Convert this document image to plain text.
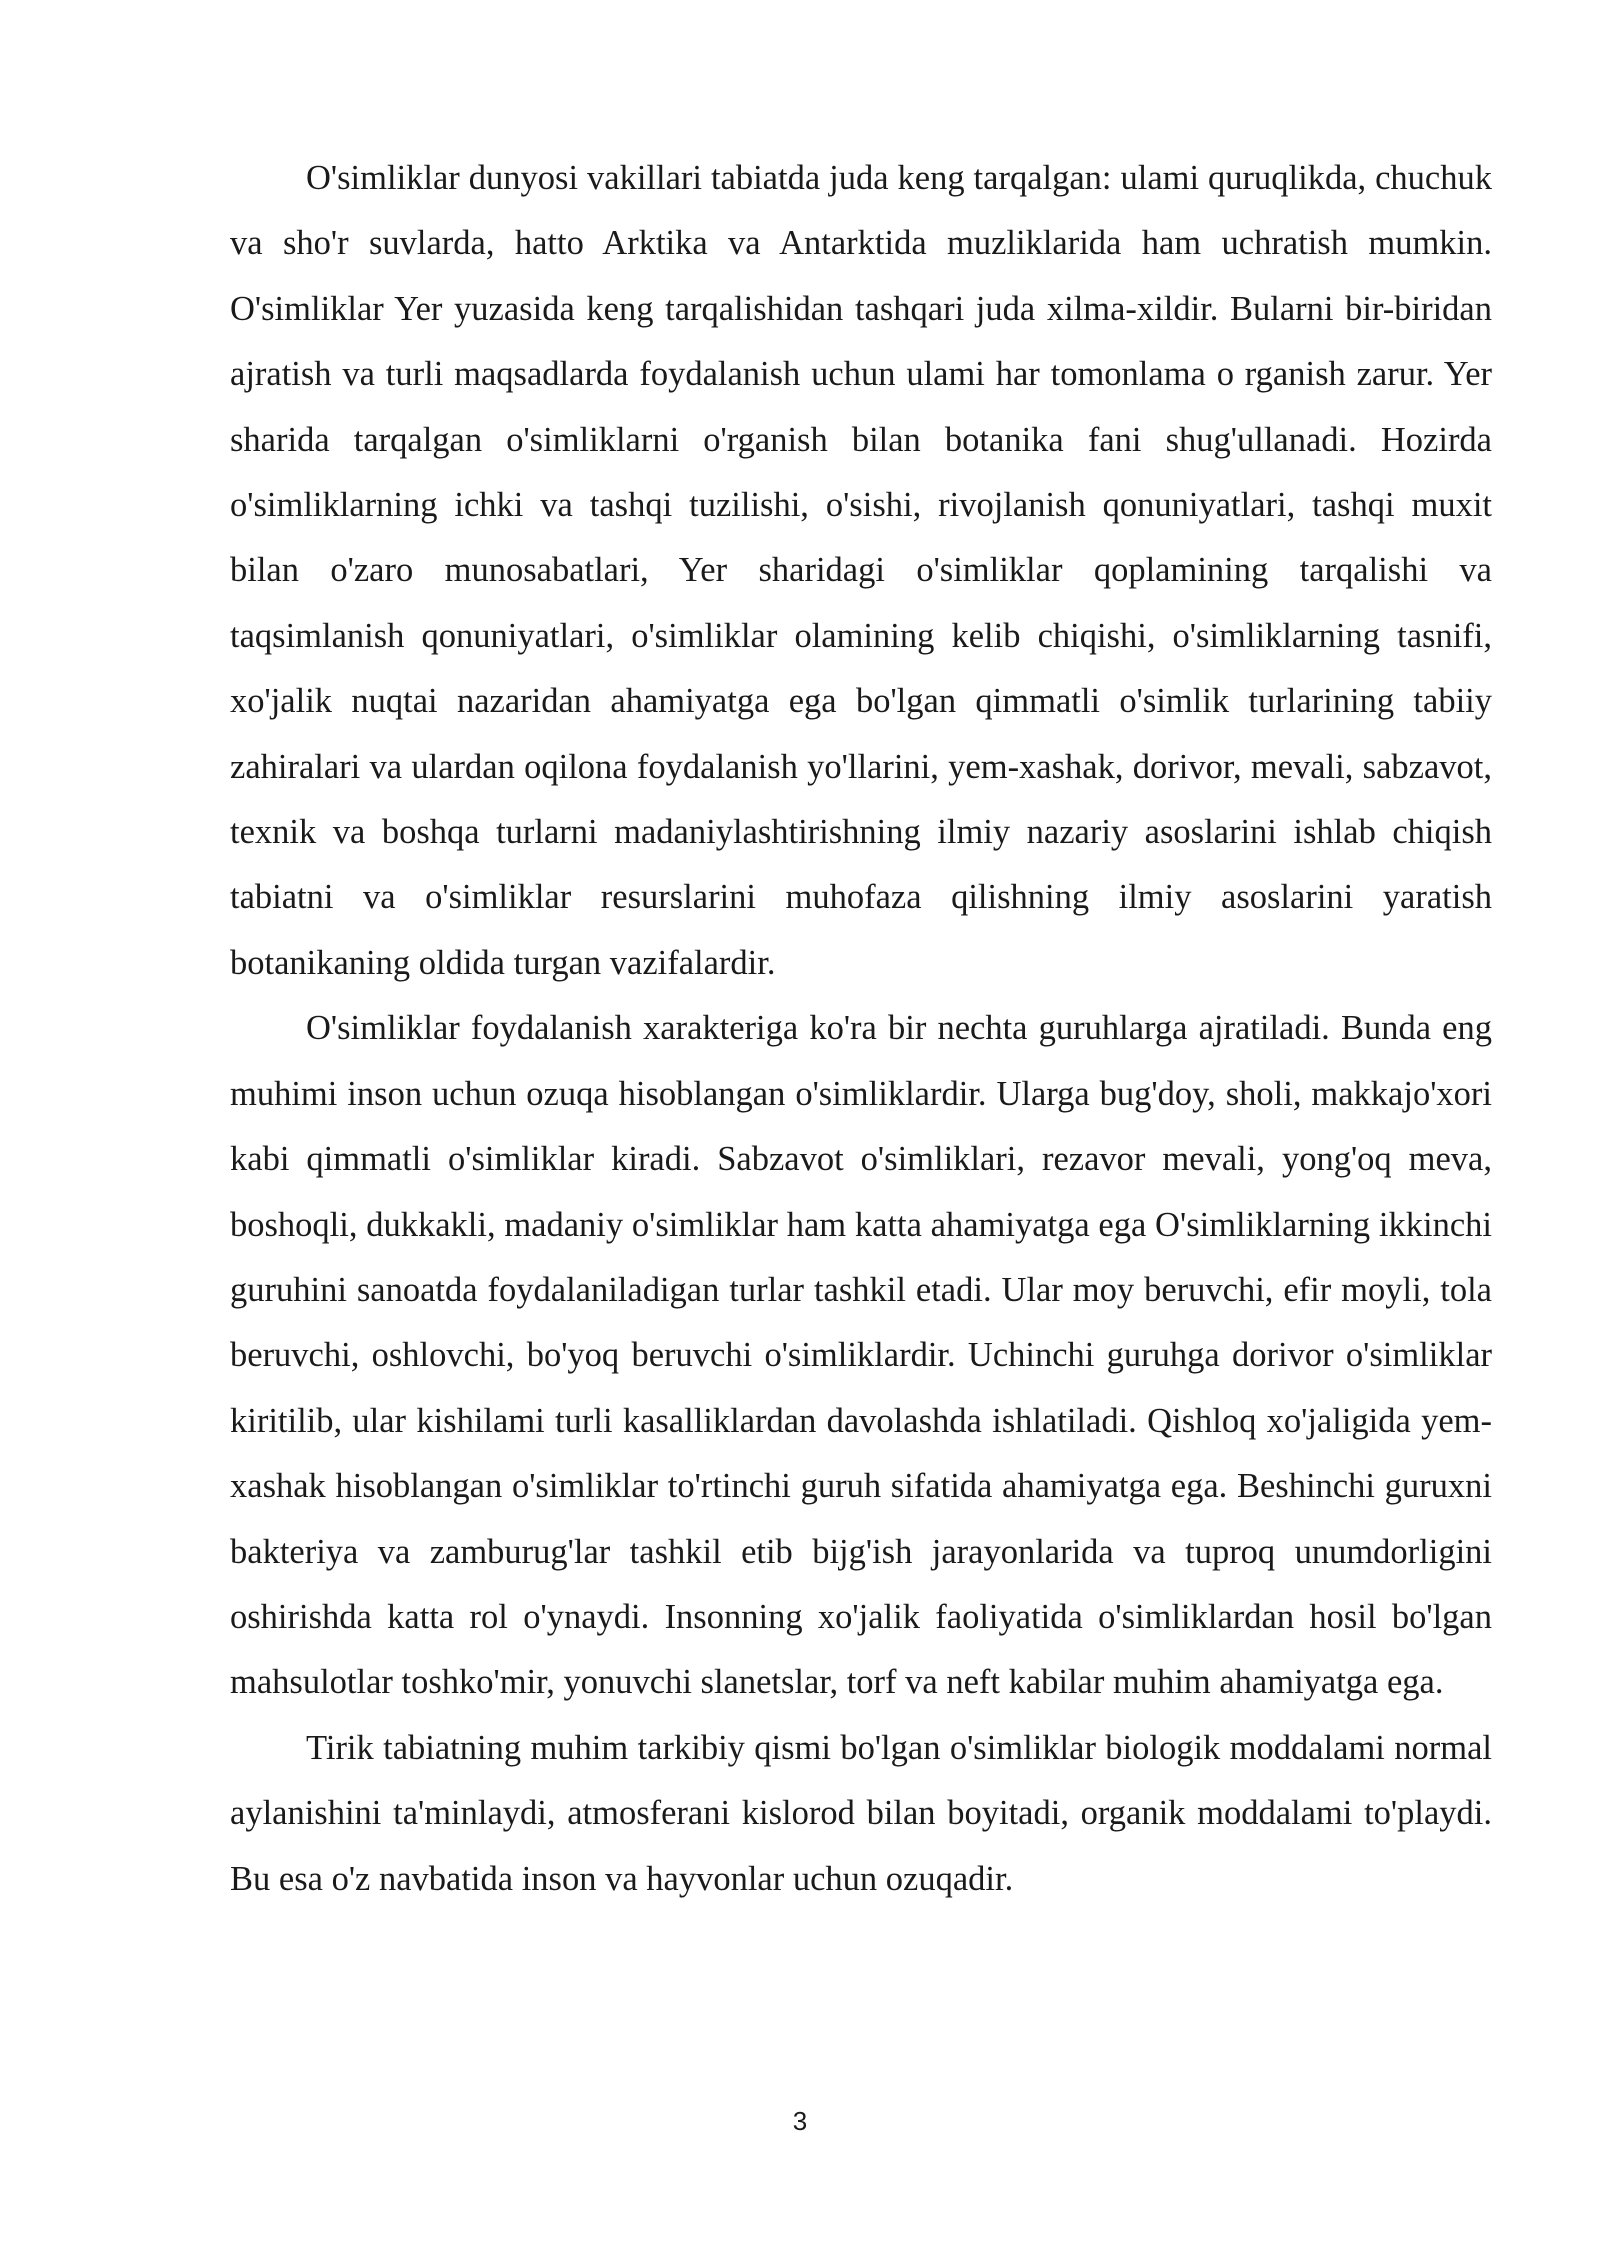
O'simliklar dunyosi vakillari tabiatda juda keng tarqalgan: ulami quruqlikda, chuchuk va sho'r suvlarda, hatto Arktika va Antarktida muzliklarida ham uchratish mumkin. O'simliklar Yer yuzasida keng tarqalishidan tashqari juda xilma-xildir. Bularni bir-biridan ajratish va turli maqsadlarda foydalanish uchun ulami har tomonlama o rganish zarur. Yer sharida tarqalgan o'simliklarni o'rganish bilan botanika fani shug'ullanadi. Hozirda o'simliklarning ichki va tashqi tuzilishi, o'sishi, rivojlanish qonuniyatlari, tashqi muxit bilan o'zaro munosabatlari, Yer sharidagi o'simliklar qoplamining tarqalishi va taqsimlanish qonuniyatlari, o'simliklar olamining kelib chiqishi, o'simliklarning tasnifi, xo'jalik nuqtai nazaridan ahamiyatga ega bo'lgan qimmatli o'simlik turlarining tabiiy zahiralari va ulardan oqilona foydalanish yo'llarini, yem-xashak, dorivor, mevali, sabzavot, texnik va boshqa turlarni madaniylashtirishning ilmiy nazariy asoslarini ishlab chiqish tabiatni va o'simliklar resurslarini muhofaza qilishning ilmiy asoslarini yaratish botanikaning oldida turgan vazifalardir.

O'simliklar foydalanish xarakteriga ko'ra bir nechta guruhlarga ajratiladi. Bunda eng muhimi inson uchun ozuqa hisoblangan o'simliklardir. Ularga bug'doy, sholi, makkajo'xori kabi qimmatli o'simliklar kiradi. Sabzavot o'simliklari, rezavor mevali, yong'oq meva, boshoqli, dukkakli, madaniy o'simliklar ham katta ahamiyatga ega O'simliklarning ikkinchi guruhini sanoatda foydalaniladigan turlar tashkil etadi. Ular moy beruvchi, efir moyli, tola beruvchi, oshlovchi, bo'yoq beruvchi o'simliklardir. Uchinchi guruhga dorivor o'simliklar kiritilib, ular kishilami turli kasalliklardan davolashda ishlatiladi. Qishloq xo'jaligida yem-xashak hisoblangan o'simliklar to'rtinchi guruh sifatida ahamiyatga ega. Beshinchi guruxni bakteriya va zamburug'lar tashkil etib bijg'ish jarayonlarida va tuproq unumdorligini oshirishda katta rol o'ynaydi. Insonning xo'jalik faoliyatida o'simliklardan hosil bo'lgan mahsulotlar toshko'mir, yonuvchi slanetslar, torf va neft kabilar muhim ahamiyatga ega.

Tirik tabiatning muhim tarkibiy qismi bo'lgan o'simliklar biologik moddalami normal aylanishini ta'minlaydi, atmosferani kislorod bilan boyitadi, organik moddalami to'playdi. Bu esa o'z navbatida inson va hayvonlar uchun ozuqadir.

3
